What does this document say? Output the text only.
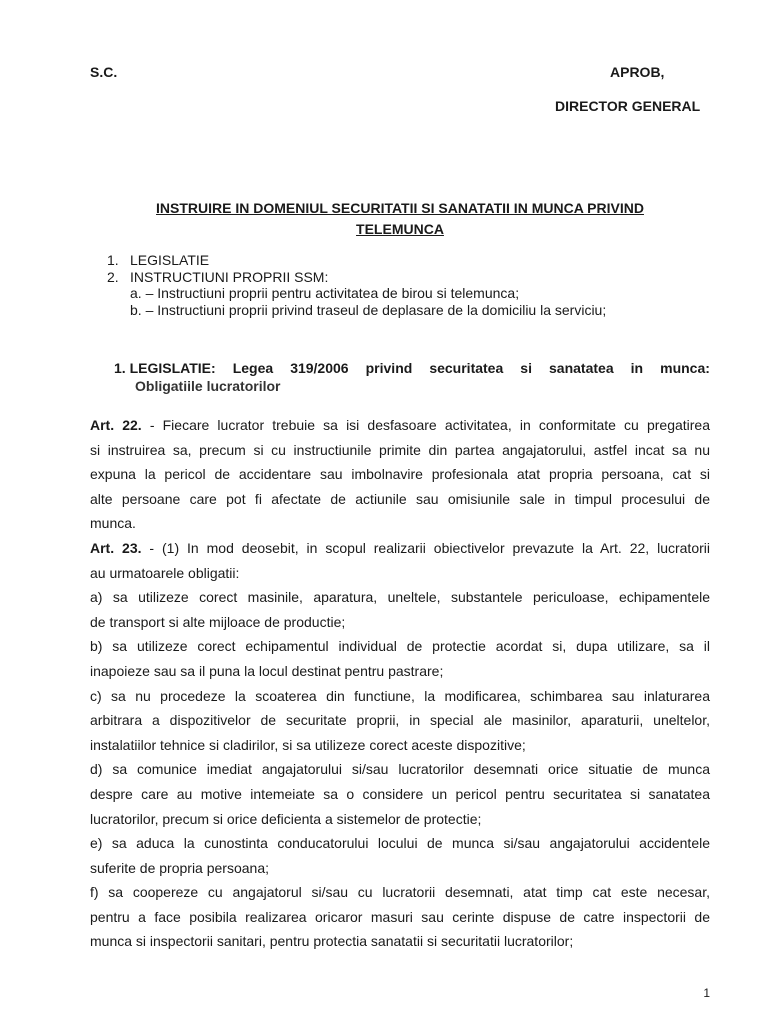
S.C.	APROB,
DIRECTOR GENERAL
INSTRUIRE IN DOMENIUL SECURITATII SI SANATATII IN MUNCA PRIVIND
TELEMUNCA
1. LEGISLATIE
2. INSTRUCTIUNI PROPRII SSM:
a. – Instructiuni proprii pentru activitatea de birou si telemunca;
b. – Instructiuni proprii privind traseul de deplasare de la domiciliu la serviciu;
1. LEGISLATIE: Legea 319/2006 privind securitatea si sanatatea in munca:
Obligatiile lucratorilor

Art. 22. - Fiecare lucrator trebuie sa isi desfasoare activitatea, in conformitate cu pregatirea

si instruirea sa, precum si cu instructiunile primite din partea angajatorului, astfel incat sa nu

expuna la pericol de accidentare sau imbolnavire profesionala atat propria persoana, cat si

alte persoane care pot fi afectate de actiunile sau omisiunile sale in timpul procesului de

munca.

Art. 23. - (1) In mod deosebit, in scopul realizarii obiectivelor prevazute la Art. 22, lucratorii

au urmatoarele obligatii:

a) sa utilizeze corect masinile, aparatura, uneltele, substantele periculoase, echipamentele

de transport si alte mijloace de productie;

b) sa utilizeze corect echipamentul individual de protectie acordat si, dupa utilizare, sa il

inapoieze sau sa il puna la locul destinat pentru pastrare;

c) sa nu procedeze la scoaterea din functiune, la modificarea, schimbarea sau inlaturarea

arbitrara a dispozitivelor de securitate proprii, in special ale masinilor, aparaturii, uneltelor,

instalatiilor tehnice si cladirilor, si sa utilizeze corect aceste dispozitive;

d) sa comunice imediat angajatorului si/sau lucratorilor desemnati orice situatie de munca

despre care au motive intemeiate sa o considere un pericol pentru securitatea si sanatatea

lucratorilor, precum si orice deficienta a sistemelor de protectie;

e) sa aduca la cunostinta conducatorului locului de munca si/sau angajatorului accidentele

suferite de propria persoana;

f) sa coopereze cu angajatorul si/sau cu lucratorii desemnati, atat timp cat este necesar,

pentru a face posibila realizarea oricaror masuri sau cerinte dispuse de catre inspectorii de

munca si inspectorii sanitari, pentru protectia sanatatii si securitatii lucratorilor;

1
